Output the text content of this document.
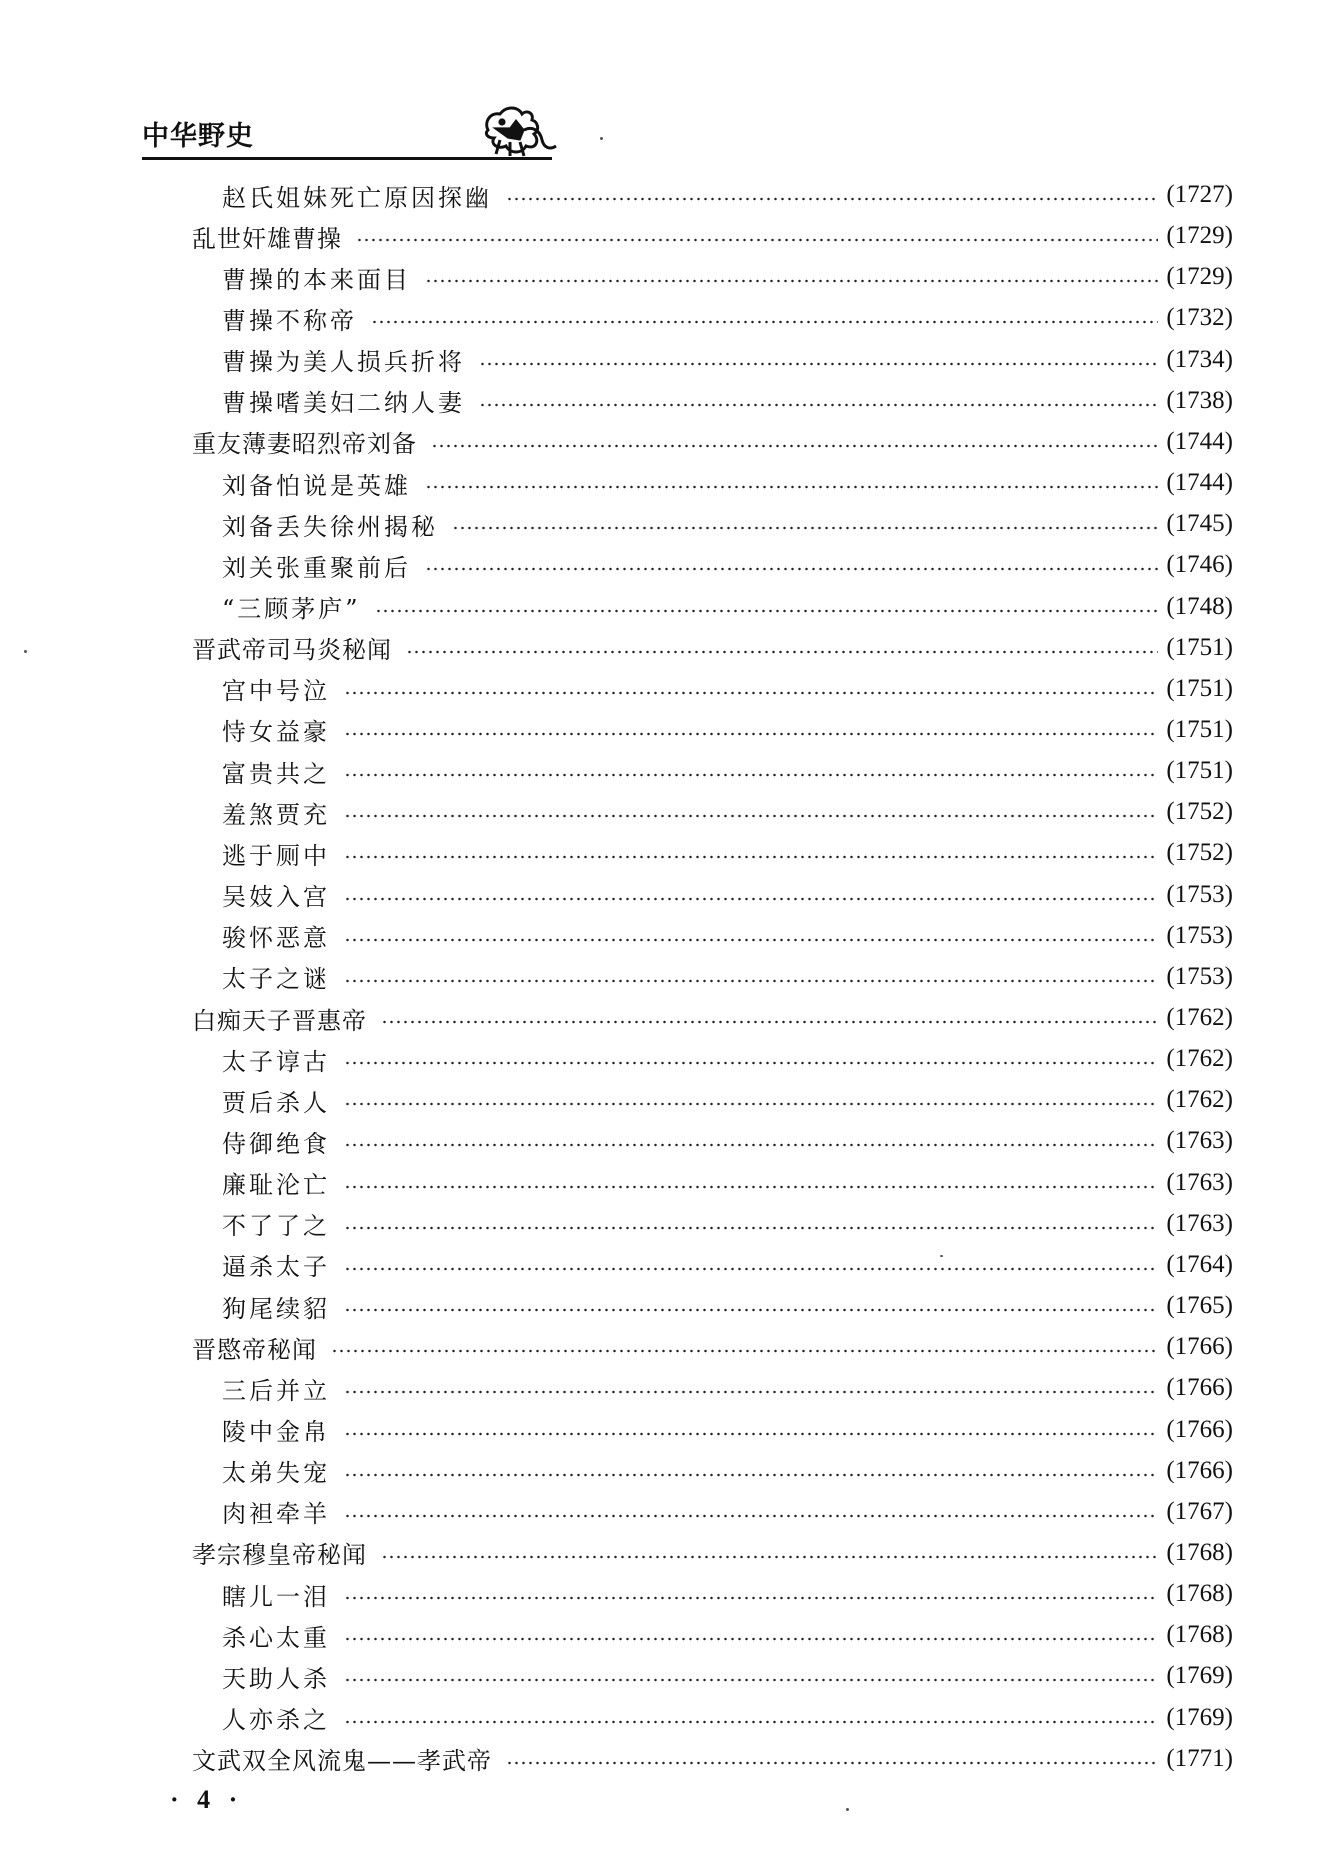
中华野史
赵氏姐妹死亡原因探幽	(1727)
乱世奸雄曹操	(1729)
曹操的本来面目	(1729)
曹操不称帝	(1732)
曹操为美人损兵折将	(1734)
曹操嗜美妇二纳人妻	(1738)
重友薄妻昭烈帝刘备	(1744)
刘备怕说是英雄	(1744)
刘备丢失徐州揭秘	(1745)
刘关张重聚前后	(1746)
“三顾茅庐”	(1748)
晋武帝司马炎秘闻	(1751)
宫中号泣	(1751)
恃女益豪	(1751)
富贵共之	(1751)
羞煞贾充	(1752)
逃于厕中	(1752)
吴妓入宫	(1753)
骏怀恶意	(1753)
太子之谜	(1753)
白痴天子晋惠帝	(1762)
太子谆古	(1762)
贾后杀人	(1762)
侍御绝食	(1763)
廉耻沦亡	(1763)
不了了之	(1763)
逼杀太子	(1764)
狗尾续貂	(1765)
晋愍帝秘闻	(1766)
三后并立	(1766)
陵中金帛	(1766)
太弟失宠	(1766)
肉袒牵羊	(1767)
孝宗穆皇帝秘闻	(1768)
瞎儿一泪	(1768)
杀心太重	(1768)
天助人杀	(1769)
人亦杀之	(1769)
文武双全风流鬼——孝武帝	(1771)
· 4 ·
